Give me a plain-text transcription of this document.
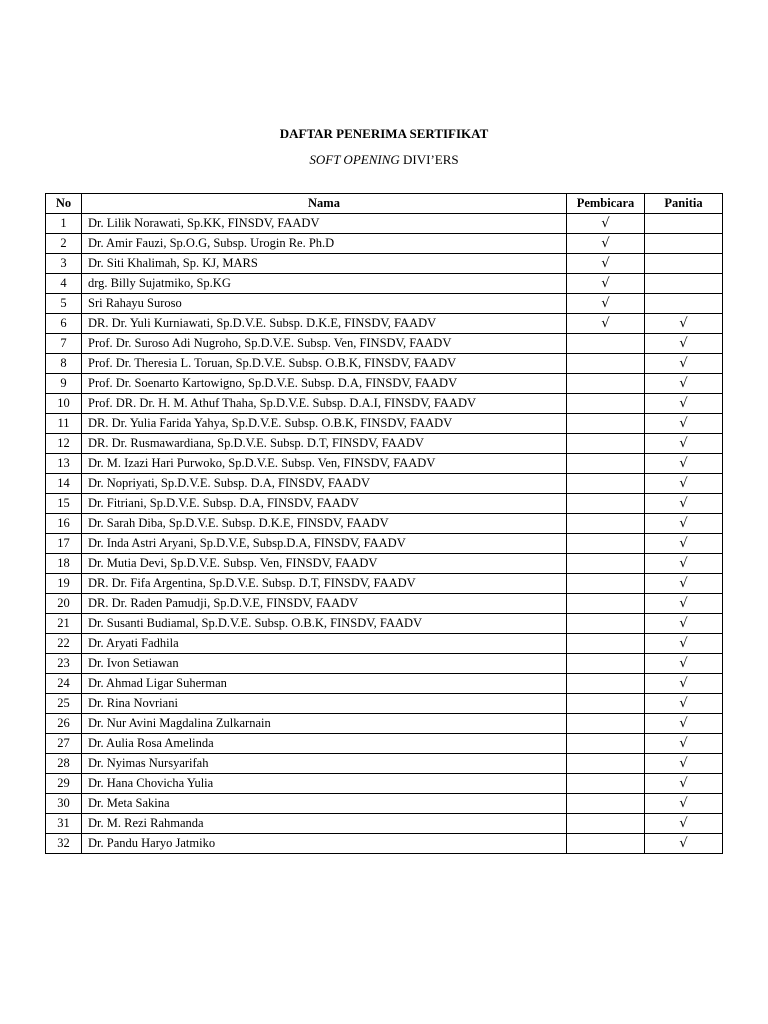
DAFTAR PENERIMA SERTIFIKAT

SOFT OPENING DIVI’ERS

No	Nama	Pembicara	Panitia
1	Dr. Lilik Norawati, Sp.KK, FINSDV, FAADV	√	
2	Dr. Amir Fauzi, Sp.O.G, Subsp. Urogin Re. Ph.D	√	
3	Dr. Siti Khalimah, Sp. KJ, MARS	√	
4	drg. Billy Sujatmiko, Sp.KG	√	
5	Sri Rahayu Suroso	√	
6	DR. Dr. Yuli Kurniawati, Sp.D.V.E. Subsp. D.K.E, FINSDV, FAADV	√	√
7	Prof. Dr. Suroso Adi Nugroho, Sp.D.V.E. Subsp. Ven, FINSDV, FAADV		√
8	Prof. Dr. Theresia L. Toruan, Sp.D.V.E. Subsp. O.B.K, FINSDV, FAADV		√
9	Prof. Dr. Soenarto Kartowigno, Sp.D.V.E. Subsp. D.A, FINSDV, FAADV		√
10	Prof. DR. Dr. H. M. Athuf Thaha, Sp.D.V.E. Subsp. D.A.I, FINSDV, FAADV		√
11	DR. Dr. Yulia Farida Yahya, Sp.D.V.E. Subsp. O.B.K, FINSDV, FAADV		√
12	DR. Dr. Rusmawardiana, Sp.D.V.E. Subsp. D.T, FINSDV, FAADV		√
13	Dr. M. Izazi Hari Purwoko, Sp.D.V.E. Subsp. Ven, FINSDV, FAADV		√
14	Dr. Nopriyati, Sp.D.V.E. Subsp. D.A, FINSDV, FAADV		√
15	Dr. Fitriani, Sp.D.V.E. Subsp. D.A, FINSDV, FAADV		√
16	Dr. Sarah Diba, Sp.D.V.E. Subsp. D.K.E, FINSDV, FAADV		√
17	Dr. Inda Astri Aryani, Sp.D.V.E, Subsp.D.A, FINSDV, FAADV		√
18	Dr. Mutia Devi, Sp.D.V.E. Subsp. Ven, FINSDV, FAADV		√
19	DR. Dr. Fifa Argentina, Sp.D.V.E. Subsp. D.T, FINSDV, FAADV		√
20	DR. Dr. Raden Pamudji, Sp.D.V.E, FINSDV, FAADV		√
21	Dr. Susanti Budiamal, Sp.D.V.E. Subsp. O.B.K, FINSDV, FAADV		√
22	Dr. Aryati Fadhila		√
23	Dr. Ivon Setiawan		√
24	Dr. Ahmad Ligar Suherman		√
25	Dr. Rina Novriani		√
26	Dr. Nur Avini Magdalina Zulkarnain		√
27	Dr. Aulia Rosa Amelinda		√
28	Dr. Nyimas Nursyarifah		√
29	Dr. Hana Chovicha Yulia		√
30	Dr. Meta Sakina		√
31	Dr. M. Rezi Rahmanda		√
32	Dr. Pandu Haryo Jatmiko		√
